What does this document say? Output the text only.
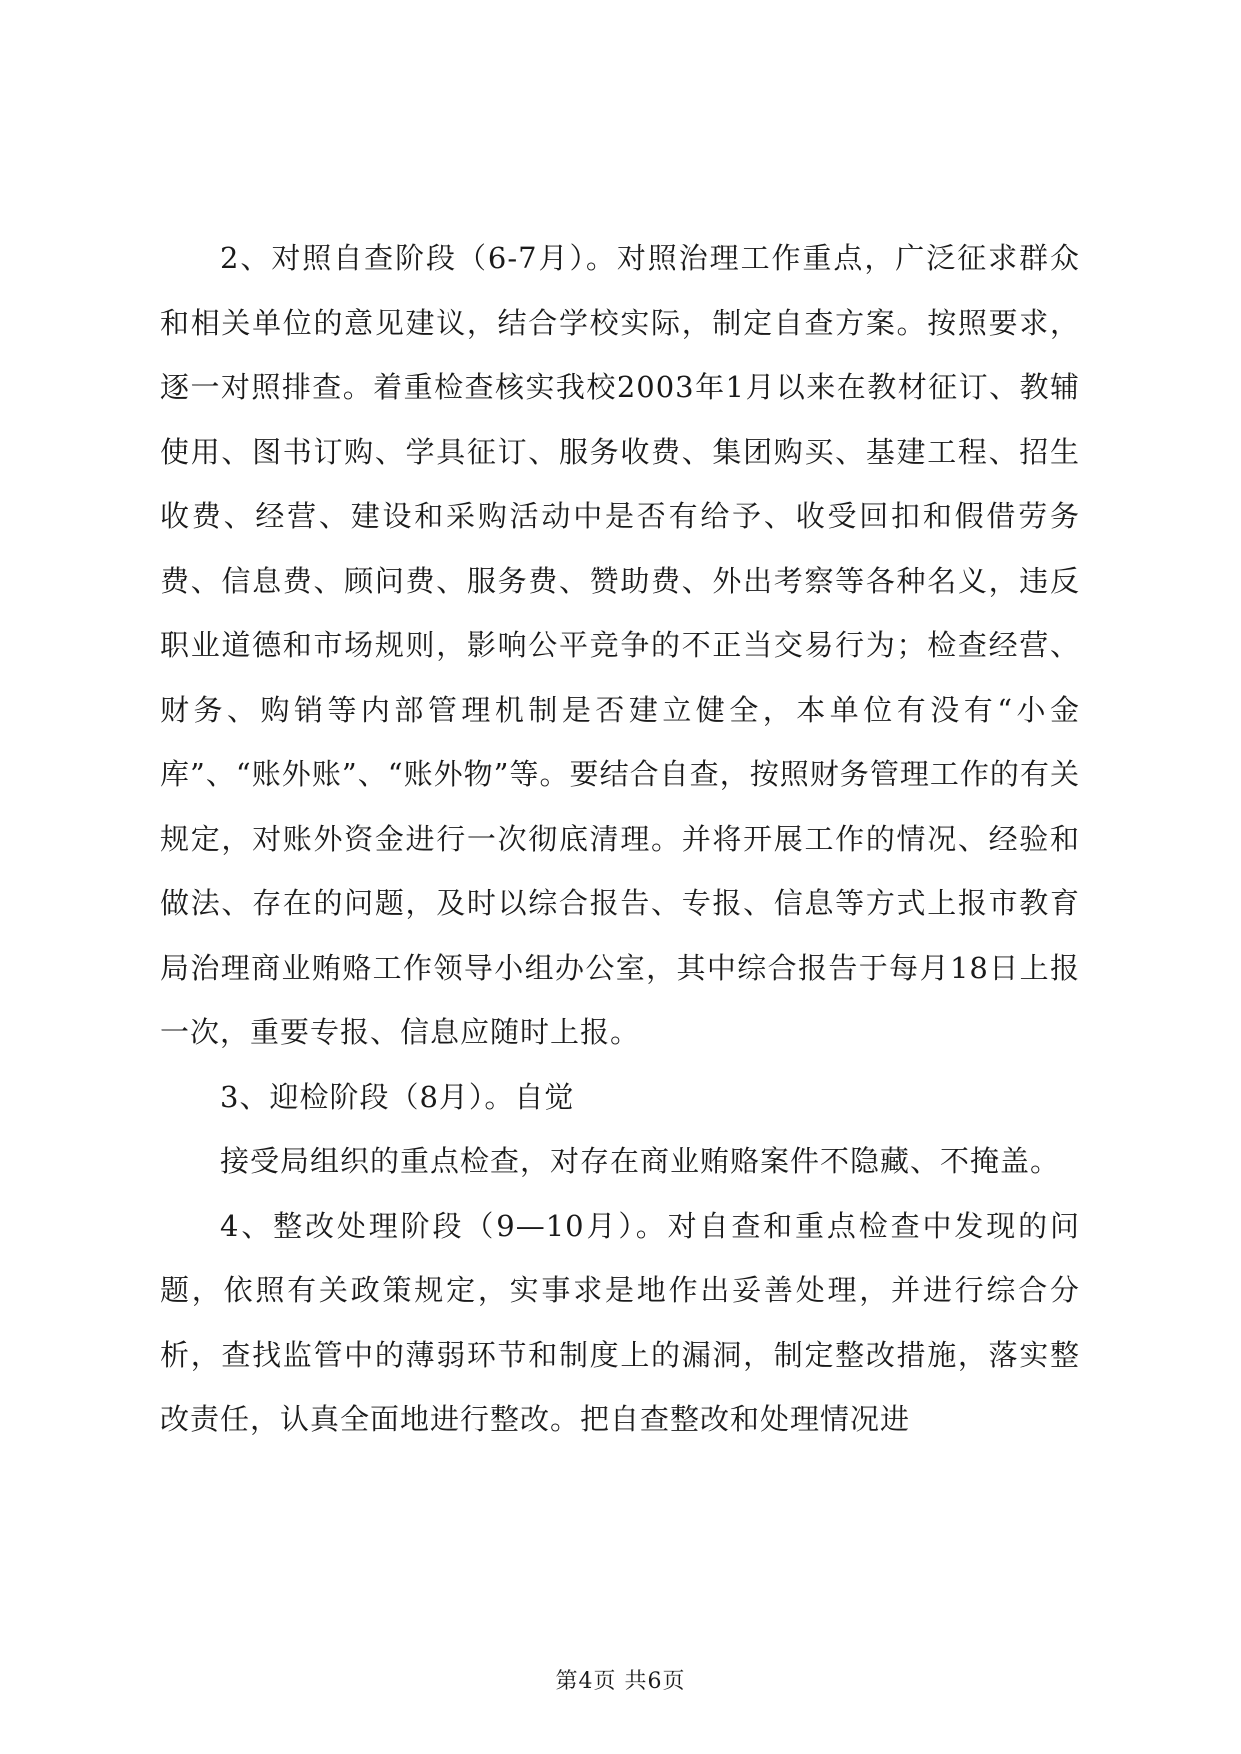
2、对照自查阶段（6-7月）。对照治理工作重点，广泛征求群众和相关单位的意见建议，结合学校实际，制定自查方案。按照要求，逐一对照排查。着重检查核实我校2003年1月以来在教材征订、教辅使用、图书订购、学具征订、服务收费、集团购买、基建工程、招生收费、经营、建设和采购活动中是否有给予、收受回扣和假借劳务费、信息费、顾问费、服务费、赞助费、外出考察等各种名义，违反职业道德和市场规则，影响公平竞争的不正当交易行为；检查经营、财务、购销等内部管理机制是否建立健全，本单位有没有“小金库”、“账外账”、“账外物”等。要结合自查，按照财务管理工作的有关规定，对账外资金进行一次彻底清理。并将开展工作的情况、经验和做法、存在的问题，及时以综合报告、专报、信息等方式上报市教育局治理商业贿赂工作领导小组办公室，其中综合报告于每月18日上报一次，重要专报、信息应随时上报。

3、迎检阶段（8月）。自觉

接受局组织的重点检查，对存在商业贿赂案件不隐藏、不掩盖。

4、整改处理阶段（9—10月）。对自查和重点检查中发现的问题，依照有关政策规定，实事求是地作出妥善处理，并进行综合分析，查找监管中的薄弱环节和制度上的漏洞，制定整改措施，落实整改责任，认真全面地进行整改。把自查整改和处理情况进

第4页 共6页
